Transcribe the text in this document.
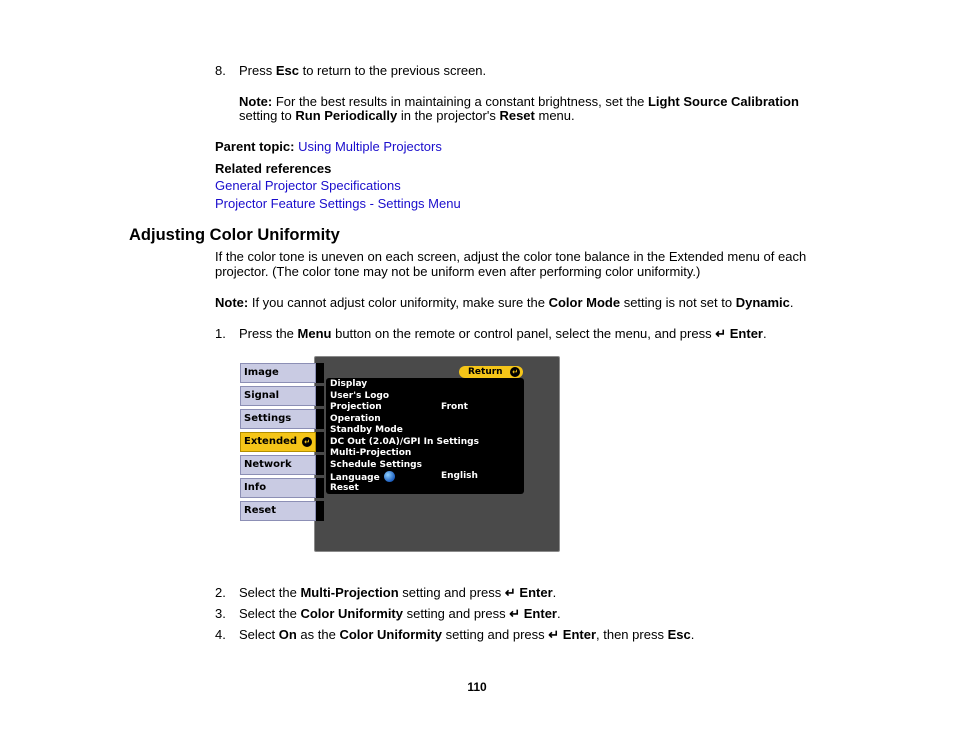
8. Press Esc to return to the previous screen.
Note: For the best results in maintaining a constant brightness, set the Light Source Calibration
setting to Run Periodically in the projector's Reset menu.
Parent topic: Using Multiple Projectors
Related references
General Projector Specifications
Projector Feature Settings - Settings Menu
Adjusting Color Uniformity
If the color tone is uneven on each screen, adjust the color tone balance in the Extended menu of each
projector. (The color tone may not be uniform even after performing color uniformity.)
Note: If you cannot adjust color uniformity, make sure the Color Mode setting is not set to Dynamic.
1. Press the Menu button on the remote or control panel, select the menu, and press ↵ Enter.
Image
Signal
Settings
Extended ↵
Network
Info
Reset
Return ↵
Display
User's Logo
Projection	Front
Operation
Standby Mode
DC Out (2.0A)/GPI In Settings
Multi-Projection
Schedule Settings
Language	English
Reset
2. Select the Multi-Projection setting and press ↵ Enter.
3. Select the Color Uniformity setting and press ↵ Enter.
4. Select On as the Color Uniformity setting and press ↵ Enter, then press Esc.
110
